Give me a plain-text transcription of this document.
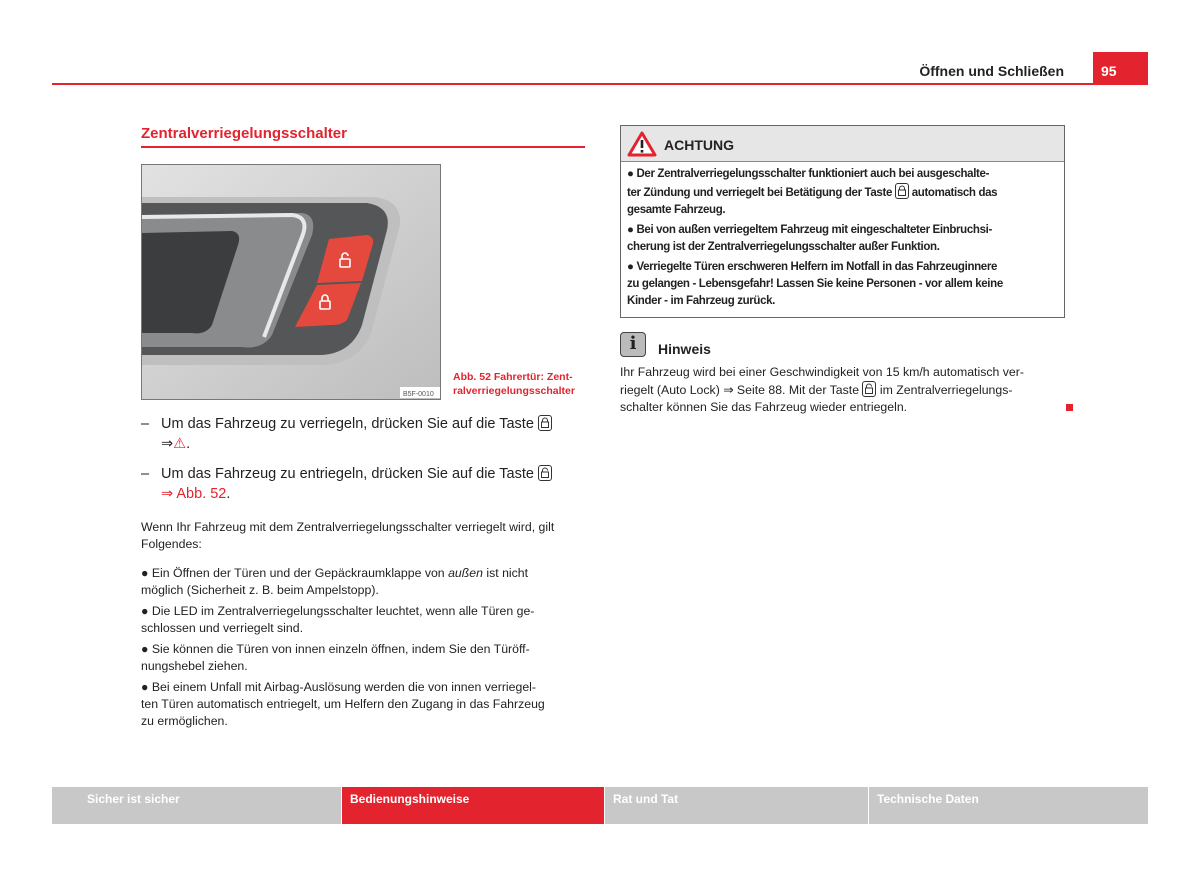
Öffnen und Schließen	95
Zentralverriegelungsschalter
B5F-0010
Abb. 52 Fahrertür: Zent-
ralverriegelungsschalter
– Um das Fahrzeug zu verriegeln, drücken Sie auf die Taste
⇒⚠.
– Um das Fahrzeug zu entriegeln, drücken Sie auf die Taste
⇒ Abb. 52.
Wenn Ihr Fahrzeug mit dem Zentralverriegelungsschalter verriegelt wird, gilt
Folgendes:

● Ein Öffnen der Türen und der Gepäckraumklappe von außen ist nicht
möglich (Sicherheit z. B. beim Ampelstopp).

● Die LED im Zentralverriegelungsschalter leuchtet, wenn alle Türen ge-
schlossen und verriegelt sind.

● Sie können die Türen von innen einzeln öffnen, indem Sie den Türöff-
nungshebel ziehen.

● Bei einem Unfall mit Airbag-Auslösung werden die von innen verriegel-
ten Türen automatisch entriegelt, um Helfern den Zugang in das Fahrzeug
zu ermöglichen.

ACHTUNG

● Der Zentralverriegelungsschalter funktioniert auch bei ausgeschalte-
ter Zündung und verriegelt bei Betätigung der Taste automatisch das
gesamte Fahrzeug.

● Bei von außen verriegeltem Fahrzeug mit eingeschalteter Einbruchsi-
cherung ist der Zentralverriegelungsschalter außer Funktion.

● Verriegelte Türen erschweren Helfern im Notfall in das Fahrzeuginnere
zu gelangen - Lebensgefahr! Lassen Sie keine Personen - vor allem keine
Kinder - im Fahrzeug zurück.

i	Hinweis
Ihr Fahrzeug wird bei einer Geschwindigkeit von 15 km/h automatisch ver-
riegelt (Auto Lock) ⇒ Seite 88. Mit der Taste im Zentralverriegelungs-
schalter können Sie das Fahrzeug wieder entriegeln.
Sicher ist sicher	Bedienungshinweise	Rat und Tat	Technische Daten
